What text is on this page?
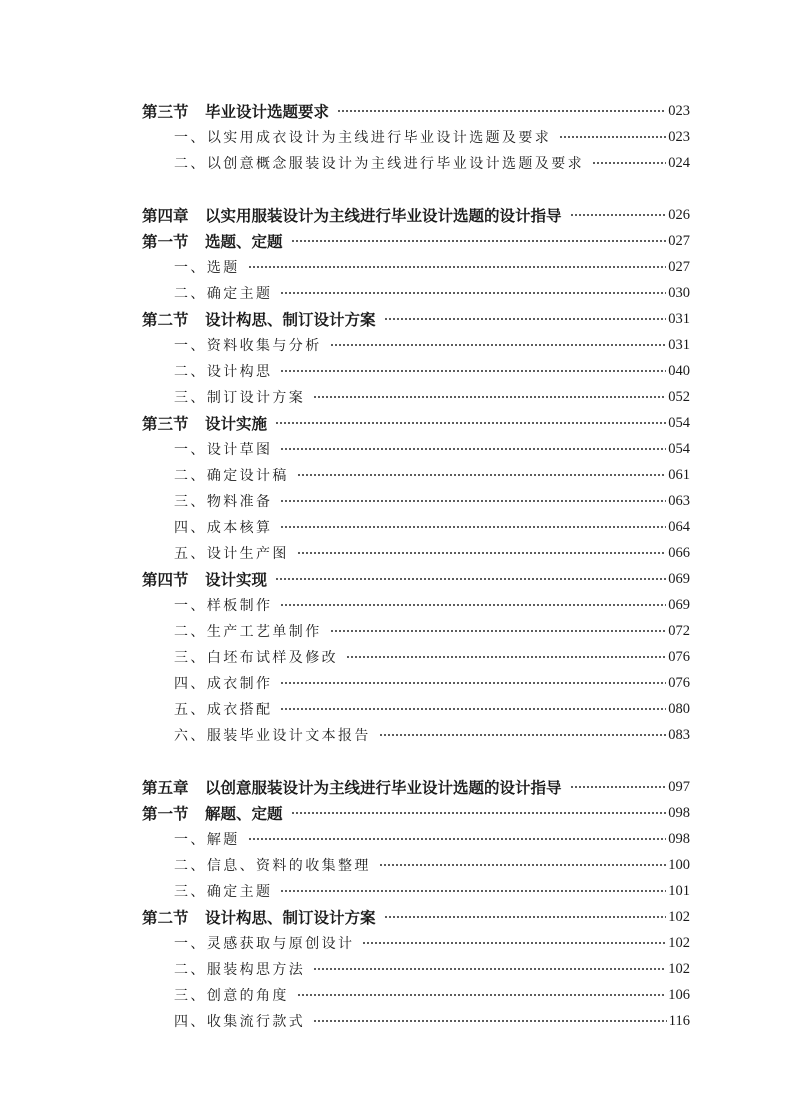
第三节 毕业设计选题要求	023
一、以实用成衣设计为主线进行毕业设计选题及要求	023
二、以创意概念服装设计为主线进行毕业设计选题及要求	024
第四章 以实用服装设计为主线进行毕业设计选题的设计指导	026
第一节 选题、定题	027
一、选题	027
二、确定主题	030
第二节 设计构思、制订设计方案	031
一、资料收集与分析	031
二、设计构思	040
三、制订设计方案	052
第三节 设计实施	054
一、设计草图	054
二、确定设计稿	061
三、物料准备	063
四、成本核算	064
五、设计生产图	066
第四节 设计实现	069
一、样板制作	069
二、生产工艺单制作	072
三、白坯布试样及修改	076
四、成衣制作	076
五、成衣搭配	080
六、服装毕业设计文本报告	083
第五章 以创意服装设计为主线进行毕业设计选题的设计指导	097
第一节 解题、定题	098
一、解题	098
二、信息、资料的收集整理	100
三、确定主题	101
第二节 设计构思、制订设计方案	102
一、灵感获取与原创设计	102
二、服装构思方法	102
三、创意的角度	106
四、收集流行款式	116
